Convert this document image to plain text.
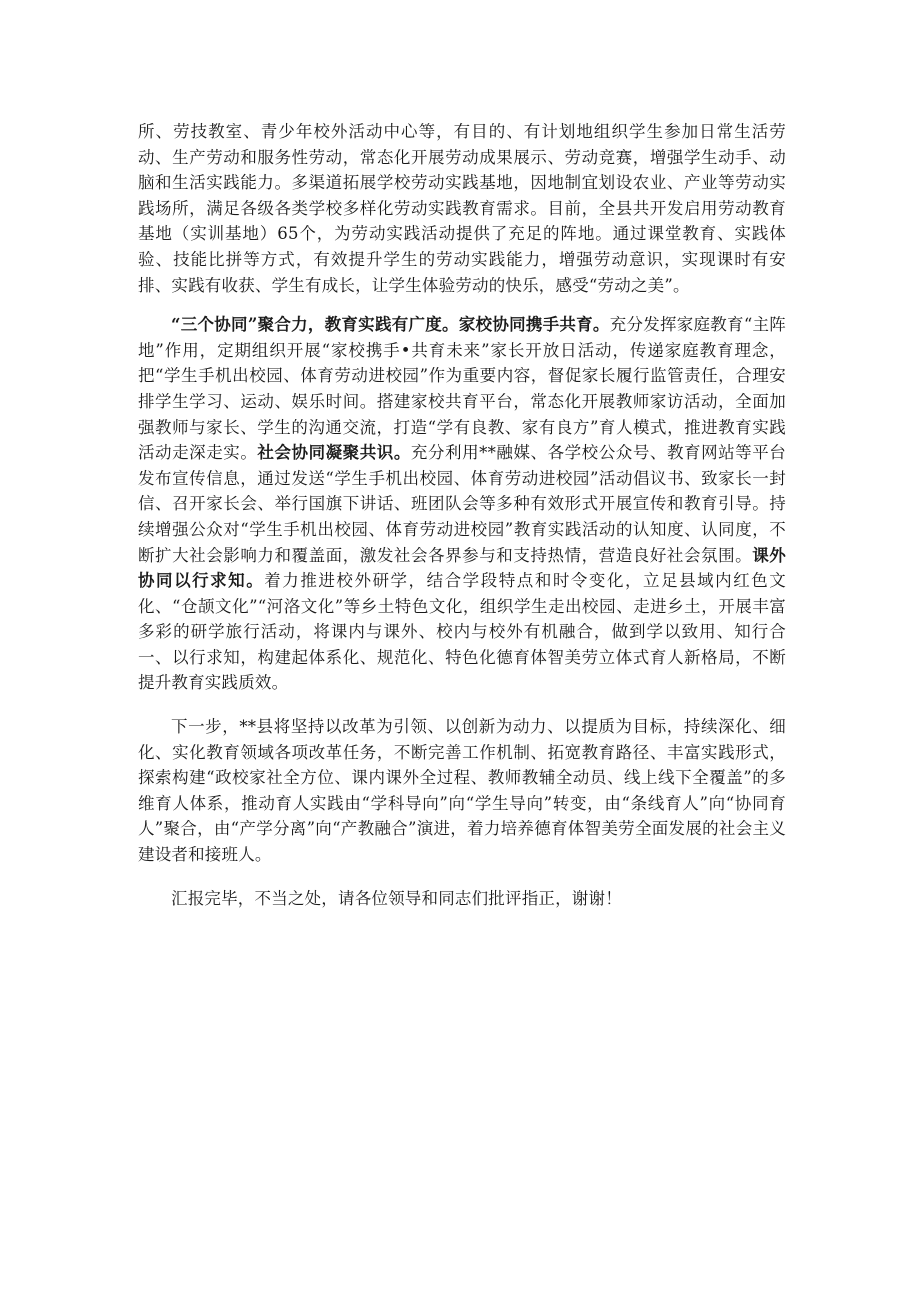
所、劳技教室、青少年校外活动中心等，有目的、有计划地组织学生参加日常生活劳动、生产劳动和服务性劳动，常态化开展劳动成果展示、劳动竞赛，增强学生动手、动脑和生活实践能力。多渠道拓展学校劳动实践基地，因地制宜划设农业、产业等劳动实践场所，满足各级各类学校多样化劳动实践教育需求。目前，全县共开发启用劳动教育基地（实训基地）65个，为劳动实践活动提供了充足的阵地。通过课堂教育、实践体验、技能比拼等方式，有效提升学生的劳动实践能力，增强劳动意识，实现课时有安排、实践有收获、学生有成长，让学生体验劳动的快乐，感受“劳动之美”。

“三个协同”聚合力，教育实践有广度。家校协同携手共育。充分发挥家庭教育“主阵地”作用，定期组织开展“家校携手•共育未来”家长开放日活动，传递家庭教育理念，把“学生手机出校园、体育劳动进校园”作为重要内容，督促家长履行监管责任，合理安排学生学习、运动、娱乐时间。搭建家校共育平台，常态化开展教师家访活动，全面加强教师与家长、学生的沟通交流，打造“学有良教、家有良方”育人模式，推进教育实践活动走深走实。社会协同凝聚共识。充分利用**融媒、各学校公众号、教育网站等平台发布宣传信息，通过发送“学生手机出校园、体育劳动进校园”活动倡议书、致家长一封信、召开家长会、举行国旗下讲话、班团队会等多种有效形式开展宣传和教育引导。持续增强公众对“学生手机出校园、体育劳动进校园”教育实践活动的认知度、认同度，不断扩大社会影响力和覆盖面，激发社会各界参与和支持热情，营造良好社会氛围。课外协同以行求知。着力推进校外研学，结合学段特点和时令变化，立足县域内红色文化、“仓颉文化”“河洛文化”等乡土特色文化，组织学生走出校园、走进乡土，开展丰富多彩的研学旅行活动，将课内与课外、校内与校外有机融合，做到学以致用、知行合一、以行求知，构建起体系化、规范化、特色化德育体智美劳立体式育人新格局，不断提升教育实践质效。

下一步，**县将坚持以改革为引领、以创新为动力、以提质为目标，持续深化、细化、实化教育领域各项改革任务，不断完善工作机制、拓宽教育路径、丰富实践形式，探索构建“政校家社全方位、课内课外全过程、教师教辅全动员、线上线下全覆盖”的多维育人体系，推动育人实践由“学科导向”向“学生导向”转变，由“条线育人”向“协同育人”聚合，由“产学分离”向“产教融合”演进，着力培养德育体智美劳全面发展的社会主义建设者和接班人。

汇报完毕，不当之处，请各位领导和同志们批评指正，谢谢！
